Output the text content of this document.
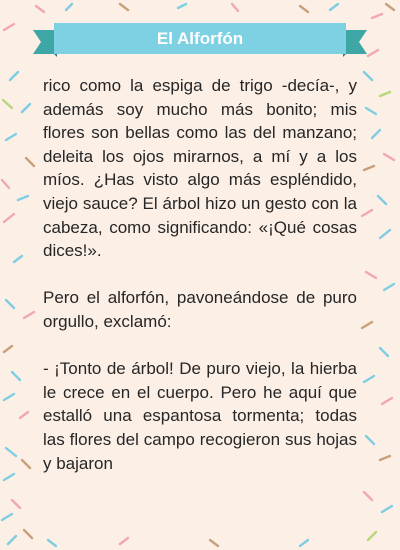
El Alforfón

rico como la espiga de trigo -decía-, y además soy mucho más bonito; mis flores son bellas como las del manzano; deleita los ojos mirarnos, a mí y a los míos. ¿Has visto algo más espléndido, viejo sauce? El árbol hizo un gesto con la cabeza, como significando: «¡Qué cosas dices!».

Pero el alforfón, pavoneándose de puro orgullo, exclamó:

- ¡Tonto de árbol! De puro viejo, la hierba le crece en el cuerpo. Pero he aquí que estalló una espantosa tormenta; todas las flores del campo recogieron sus hojas y bajaron
